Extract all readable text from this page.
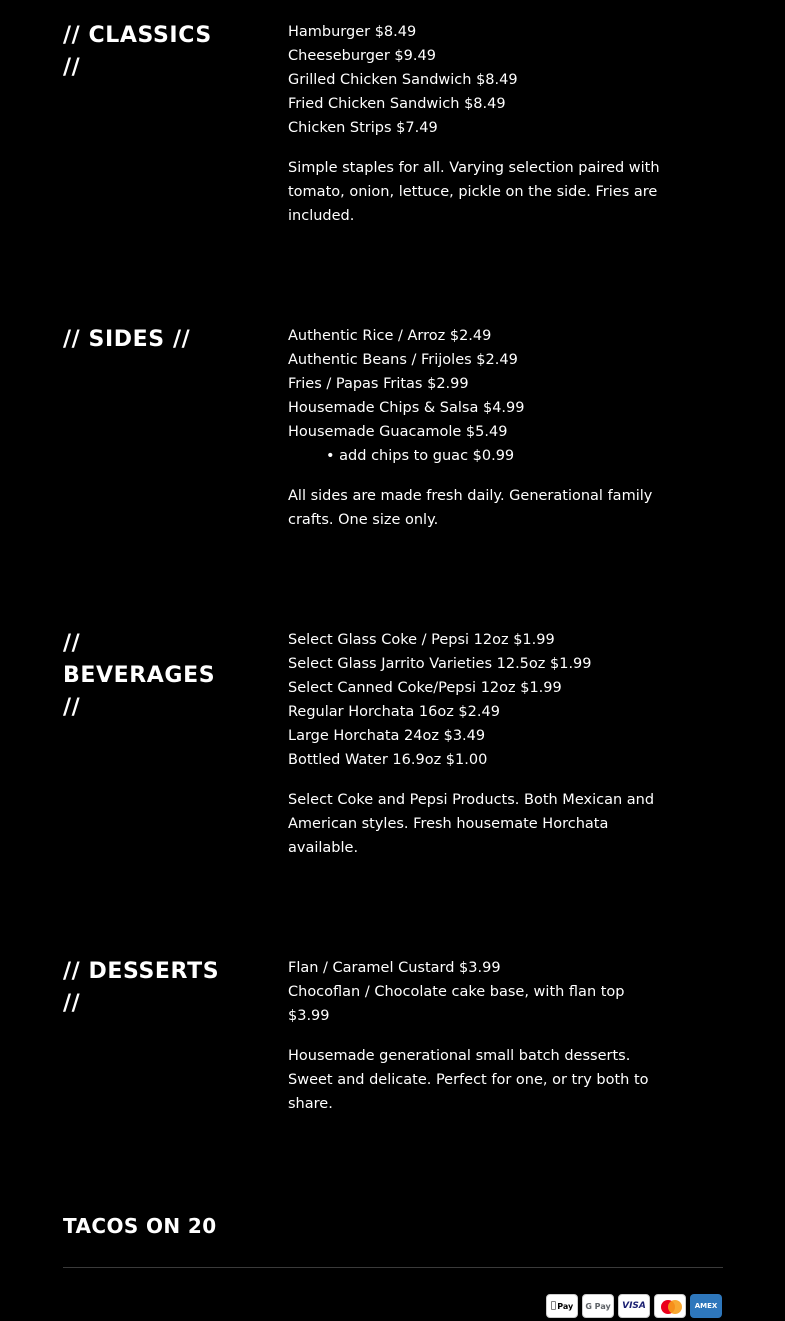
// CLASSICS //
Hamburger $8.49
Cheeseburger $9.49
Grilled Chicken Sandwich $8.49
Fried Chicken Sandwich $8.49
Chicken Strips $7.49

Simple staples for all. Varying selection paired with tomato, onion, lettuce, pickle on the side. Fries are included.

// SIDES //	Authentic Rice / Arroz $2.49
Authentic Beans / Frijoles $2.49
Fries / Papas Fritas $2.99
Housemade Chips & Salsa $4.99
Housemade Guacamole $5.49
• add chips to guac $0.99

All sides are made fresh daily. Generational family crafts. One size only.

// BEVERAGES //
Select Glass Coke / Pepsi 12oz $1.99
Select Glass Jarrito Varieties 12.5oz $1.99
Select Canned Coke/Pepsi 12oz $1.99
Regular Horchata 16oz $2.49
Large Horchata 24oz $3.49
Bottled Water 16.9oz $1.00

Select Coke and Pepsi Products. Both Mexican and American styles. Fresh housemate Horchata available.

// DESSERTS //
Flan / Caramel Custard $3.99
Chocoflan / Chocolate cake base, with flan top $3.99

Housemade generational small batch desserts. Sweet and delicate. Perfect for one, or try both to share.

TACOS ON 20
Pay G Pay VISA	AMEX
